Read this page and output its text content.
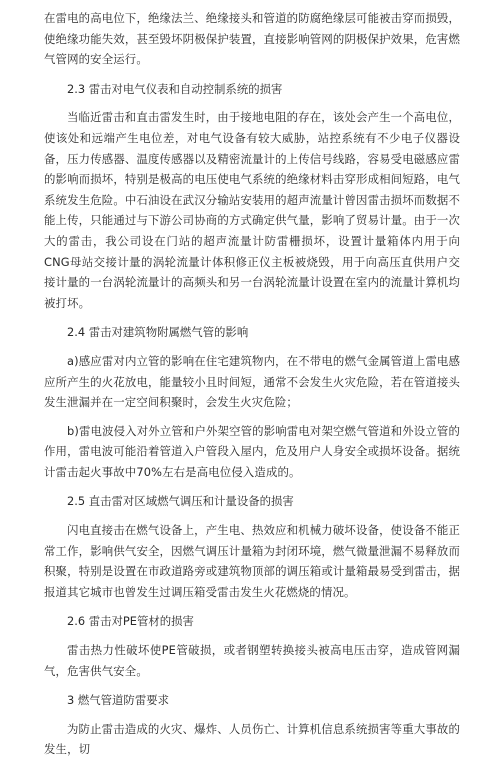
在雷电的高电位下，绝缘法兰、绝缘接头和管道的防腐绝缘层可能被击穿而损毁，使绝缘功能失效，甚至毁坏阴极保护装置，直接影响管网的阴极保护效果，危害燃气管网的安全运行。

2.3 雷击对电气仪表和自动控制系统的损害

当临近雷击和直击雷发生时，由于接地电阻的存在，该处会产生一个高电位，使该处和远端产生电位差，对电气设备有较大威胁，站控系统有不少电子仪器设备，压力传感器、温度传感器以及精密流量计的上传信号线路，容易受电磁感应雷的影响而损坏，特别是极高的电压使电气系统的绝缘材料击穿形成相间短路，电气系统发生危险。中石油设在武汉分输站安装用的超声流量计曾因雷击损坏而数据不能上传，只能通过与下游公司协商的方式确定供气量，影响了贸易计量。由于一次大的雷击，我公司设在门站的超声流量计防雷栅损坏，设置计量箱体内用于向CNG母站交接计量的涡轮流量计体积修正仪主板被烧毁，用于向高压直供用户交接计量的一台涡轮流量计的高频头和另一台涡轮流量计设置在室内的流量计算机均被打坏。

2.4 雷击对建筑物附属燃气管的影响

a)感应雷对内立管的影响在住宅建筑物内，在不带电的燃气金属管道上雷电感应所产生的火花放电，能量较小且时间短，通常不会发生火灾危险，若在管道接头发生泄漏并在一定空间积聚时，会发生火灾危险；

b)雷电波侵入对外立管和户外架空管的影响雷电对架空燃气管道和外设立管的作用，雷电波可能沿着管道入户管段入屋内，危及用户人身安全或损坏设备。据统计雷击起火事故中70%左右是高电位侵入造成的。

2.5 直击雷对区域燃气调压和计量设备的损害

闪电直接击在燃气设备上，产生电、热效应和机械力破坏设备，使设备不能正常工作，影响供气安全，因燃气调压计量箱为封闭环境，燃气微量泄漏不易释放而积聚，特别是设置在市政道路旁或建筑物顶部的调压箱或计量箱最易受到雷击，据报道其它城市也曾发生过调压箱受雷击发生火花燃烧的情况。

2.6 雷击对PE管材的损害

雷击热力性破坏使PE管破损，或者钢塑转换接头被高电压击穿，造成管网漏气，危害供气安全。

3 燃气管道防雷要求

为防止雷击造成的火灾、爆炸、人员伤亡、计算机信息系统损害等重大事故的发生，切
